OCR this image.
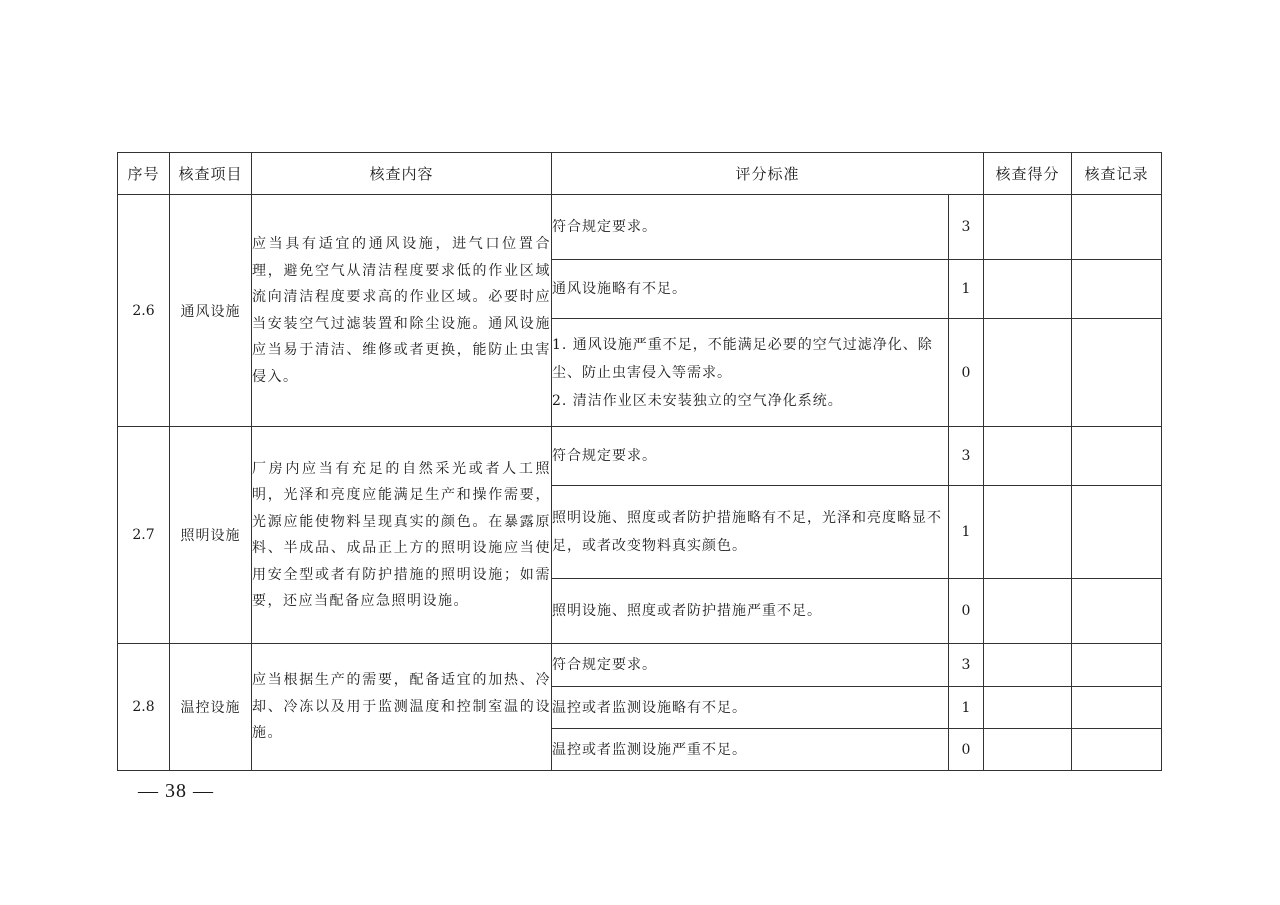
序号	核查项目	核查内容	评分标准		核查得分	核查记录
2.6	通风设施	应当具有适宜的通风设施，进气口位置合理，避免空气从清洁程度要求低的作业区域流向清洁程度要求高的作业区域。必要时应当安装空气过滤装置和除尘设施。通风设施应当易于清洁、维修或者更换，能防止虫害侵入。	符合规定要求。	3		

			通风设施略有不足。	1		

			1. 通风设施严重不足，不能满足必要的空气过滤净化、除尘、防止虫害侵入等需求。
2. 清洁作业区未安装独立的空气净化系统。	0		
2.7	照明设施	厂房内应当有充足的自然采光或者人工照明，光泽和亮度应能满足生产和操作需要，光源应能使物料呈现真实的颜色。在暴露原料、半成品、成品正上方的照明设施应当使用安全型或者有防护措施的照明设施；如需要，还应当配备应急照明设施。	符合规定要求。	3		

			照明设施、照度或者防护措施略有不足，光泽和亮度略显不足，或者改变物料真实颜色。	1		

			照明设施、照度或者防护措施严重不足。	0		
2.8	温控设施	应当根据生产的需要，配备适宜的加热、冷却、冷冻以及用于监测温度和控制室温的设施。	符合规定要求。	3		

			温控或者监测设施略有不足。	1		

			温控或者监测设施严重不足。	0		
— 38 —
